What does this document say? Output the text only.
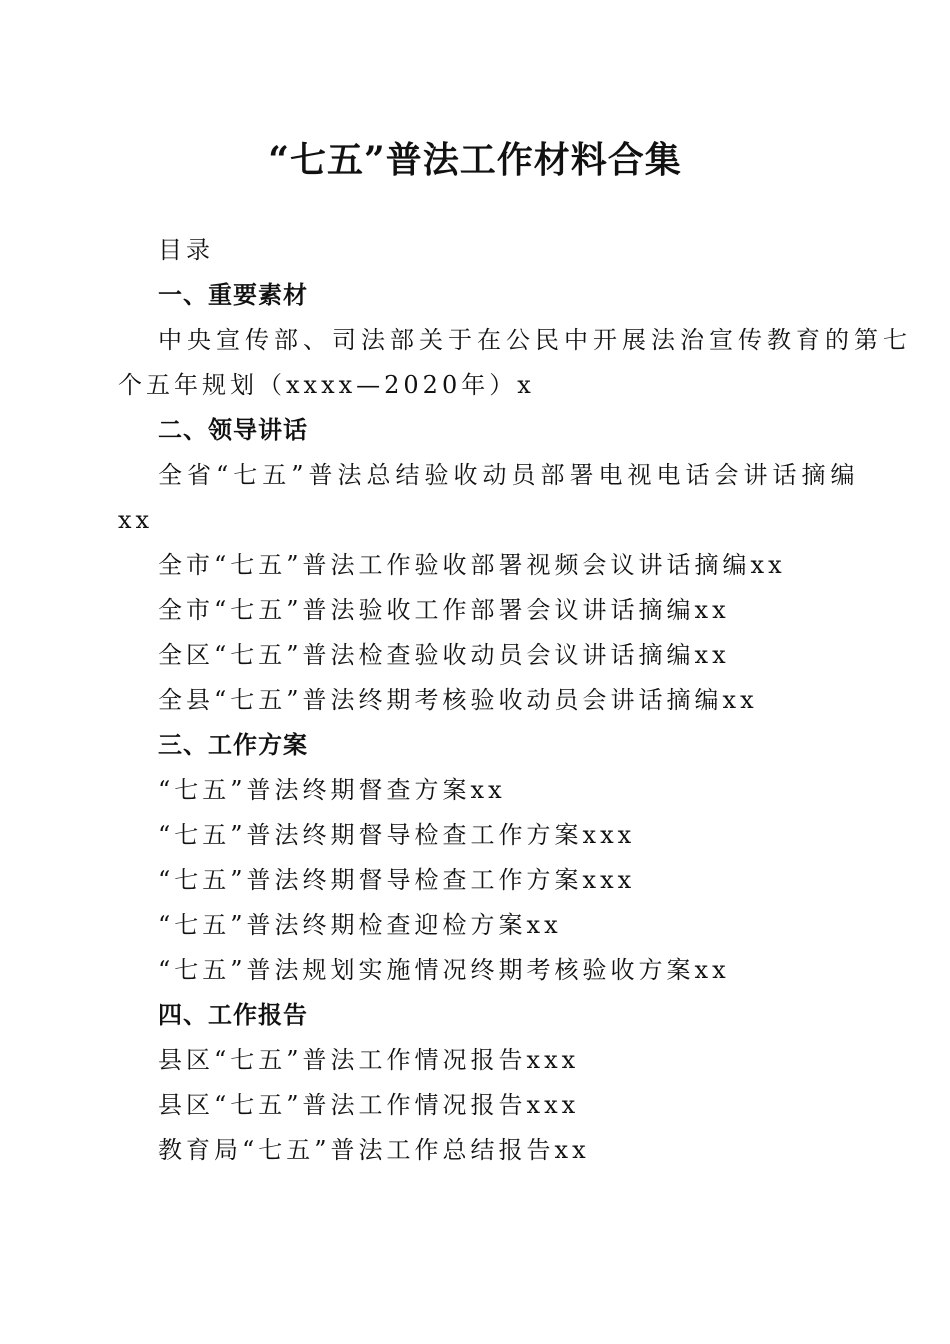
“七五”普法工作材料合集
目录
一、重要素材
中央宣传部、司法部关于在公民中开展法治宣传教育的第七
个五年规划（xxxx—2020年）x
二、领导讲话
全省“七五”普法总结验收动员部署电视电话会讲话摘编
xx
全市“七五”普法工作验收部署视频会议讲话摘编xx
全市“七五”普法验收工作部署会议讲话摘编xx
全区“七五”普法检查验收动员会议讲话摘编xx
全县“七五”普法终期考核验收动员会讲话摘编xx
三、工作方案
“七五”普法终期督查方案xx
“七五”普法终期督导检查工作方案xxx
“七五”普法终期督导检查工作方案xxx
“七五”普法终期检查迎检方案xx
“七五”普法规划实施情况终期考核验收方案xx
四、工作报告
县区“七五”普法工作情况报告xxx
县区“七五”普法工作情况报告xxx
教育局“七五”普法工作总结报告xx
